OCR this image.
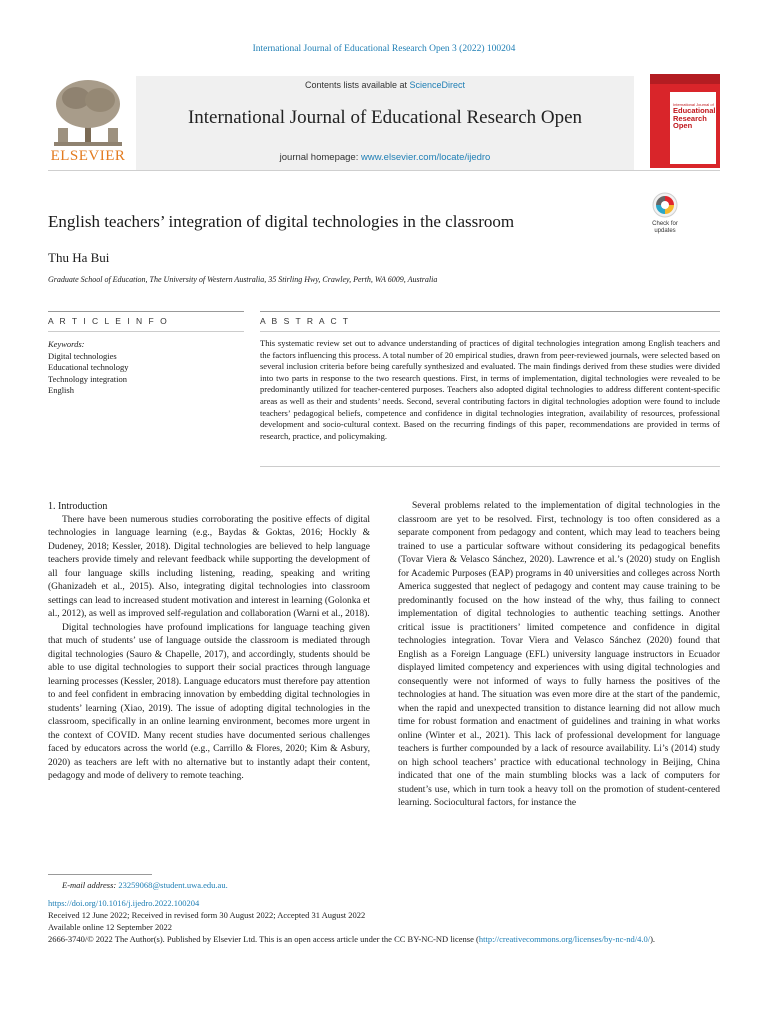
International Journal of Educational Research Open 3 (2022) 100204
ELSEVIER
Contents lists available at ScienceDirect
International Journal of Educational Research Open
journal homepage: www.elsevier.com/locate/ijedro
International Journal of
Educational
Research
Open
English teachers’ integration of digital technologies in the classroom	Check for
updates
Thu Ha Bui
Graduate School of Education, The University of Western Australia, 35 Stirling Hwy, Crawley, Perth, WA 6009, Australia
A R T I C L E I N F O	A B S T R A C T
Keywords:
Digital technologies
Educational technology
Technology integration
English
This systematic review set out to advance understanding of practices of digital technologies integration among English teachers and the factors influencing this process. A total number of 20 empirical studies, drawn from peer-reviewed journals, were selected based on several inclusion criteria before being carefully synthesized and evaluated. The main findings derived from these studies were divided into two parts in response to the two research questions. First, in terms of implementation, digital technologies were revealed to be predominantly utilized for teacher-centered purposes. Teachers also adopted digital technologies to address different content-specific areas as well as their and students’ needs. Second, several contributing factors in digital technologies adoption were found to include teachers’ pedagogical beliefs, competence and confidence in digital technologies integration, availability of resources, professional development and socio-cultural context. Based on the recurring findings of this paper, recommendations are provided in terms of research, practice, and policymaking.

1. Introduction

There have been numerous studies corroborating the positive effects of digital technologies in language learning (e.g., Baydas & Goktas, 2016; Hockly & Dudeney, 2018; Kessler, 2018). Digital technologies are believed to help language teachers provide timely and relevant feedback while supporting the development of all four language skills including listening, reading, speaking and writing (Ghanizadeh et al., 2015). Also, integrating digital technologies into classroom settings can lead to increased student motivation and interest in learning (Golonka et al., 2012), as well as improved self-regulation and collaboration (Warni et al., 2018).

Digital technologies have profound implications for language teaching given that much of students’ use of language outside the classroom is mediated through digital technologies (Sauro & Chapelle, 2017), and accordingly, students should be able to use digital technologies to support their social practices through language learning processes (Kessler, 2018). Language educators must therefore pay attention to and feel confident in embracing innovation by embedding digital technologies in students’ learning (Xiao, 2019). The issue of adopting digital technologies in the classroom, specifically in an online learning environment, becomes more urgent in the context of COVID. Many recent studies have documented serious challenges faced by educators across the world (e.g., Carrillo & Flores, 2020; Kim & Asbury, 2020) as teachers are left with no alternative but to instantly adapt their content, pedagogy and mode of delivery to remote teaching.

Several problems related to the implementation of digital technologies in the classroom are yet to be resolved. First, technology is too often considered as a separate component from pedagogy and content, which may lead to teachers being trained to use a particular software without considering its pedagogical benefits (Tovar Viera & Velasco Sánchez, 2020). Lawrence et al.’s (2020) study on English for Academic Purposes (EAP) programs in 40 universities and colleges across North America suggested that neglect of pedagogy and content may cause training to be predominantly focused on the how instead of the why, thus failing to connect implementation of digital technologies to authentic teaching settings. Another critical issue is practitioners’ limited competence and confidence in digital technologies integration. Tovar Viera and Velasco Sánchez (2020) found that English as a Foreign Language (EFL) university language instructors in Ecuador displayed limited competency and experiences with using digital technologies and consequently were not informed of ways to fully harness the positives of the technologies at hand. The situation was even more dire at the start of the pandemic, when the rapid and unexpected transition to distance learning did not allow much time for robust formation and enactment of guidelines and training in what works online (Winter et al., 2021). This lack of professional development for language teachers is further compounded by a lack of resource availability. Li’s (2014) study on high school teachers’ practice with educational technology in Beijing, China indicated that one of the main stumbling blocks was a lack of computers for student’s use, which in turn took a heavy toll on the promotion of student-centered learning. Sociocultural factors, for instance the

E-mail address: 23259068@student.uwa.edu.au.
https://doi.org/10.1016/j.ijedro.2022.100204
Received 12 June 2022; Received in revised form 30 August 2022; Accepted 31 August 2022
Available online 12 September 2022
2666-3740/© 2022 The Author(s). Published by Elsevier Ltd. This is an open access article under the CC BY-NC-ND license (http://creativecommons.org/licenses/by-nc-nd/4.0/).
